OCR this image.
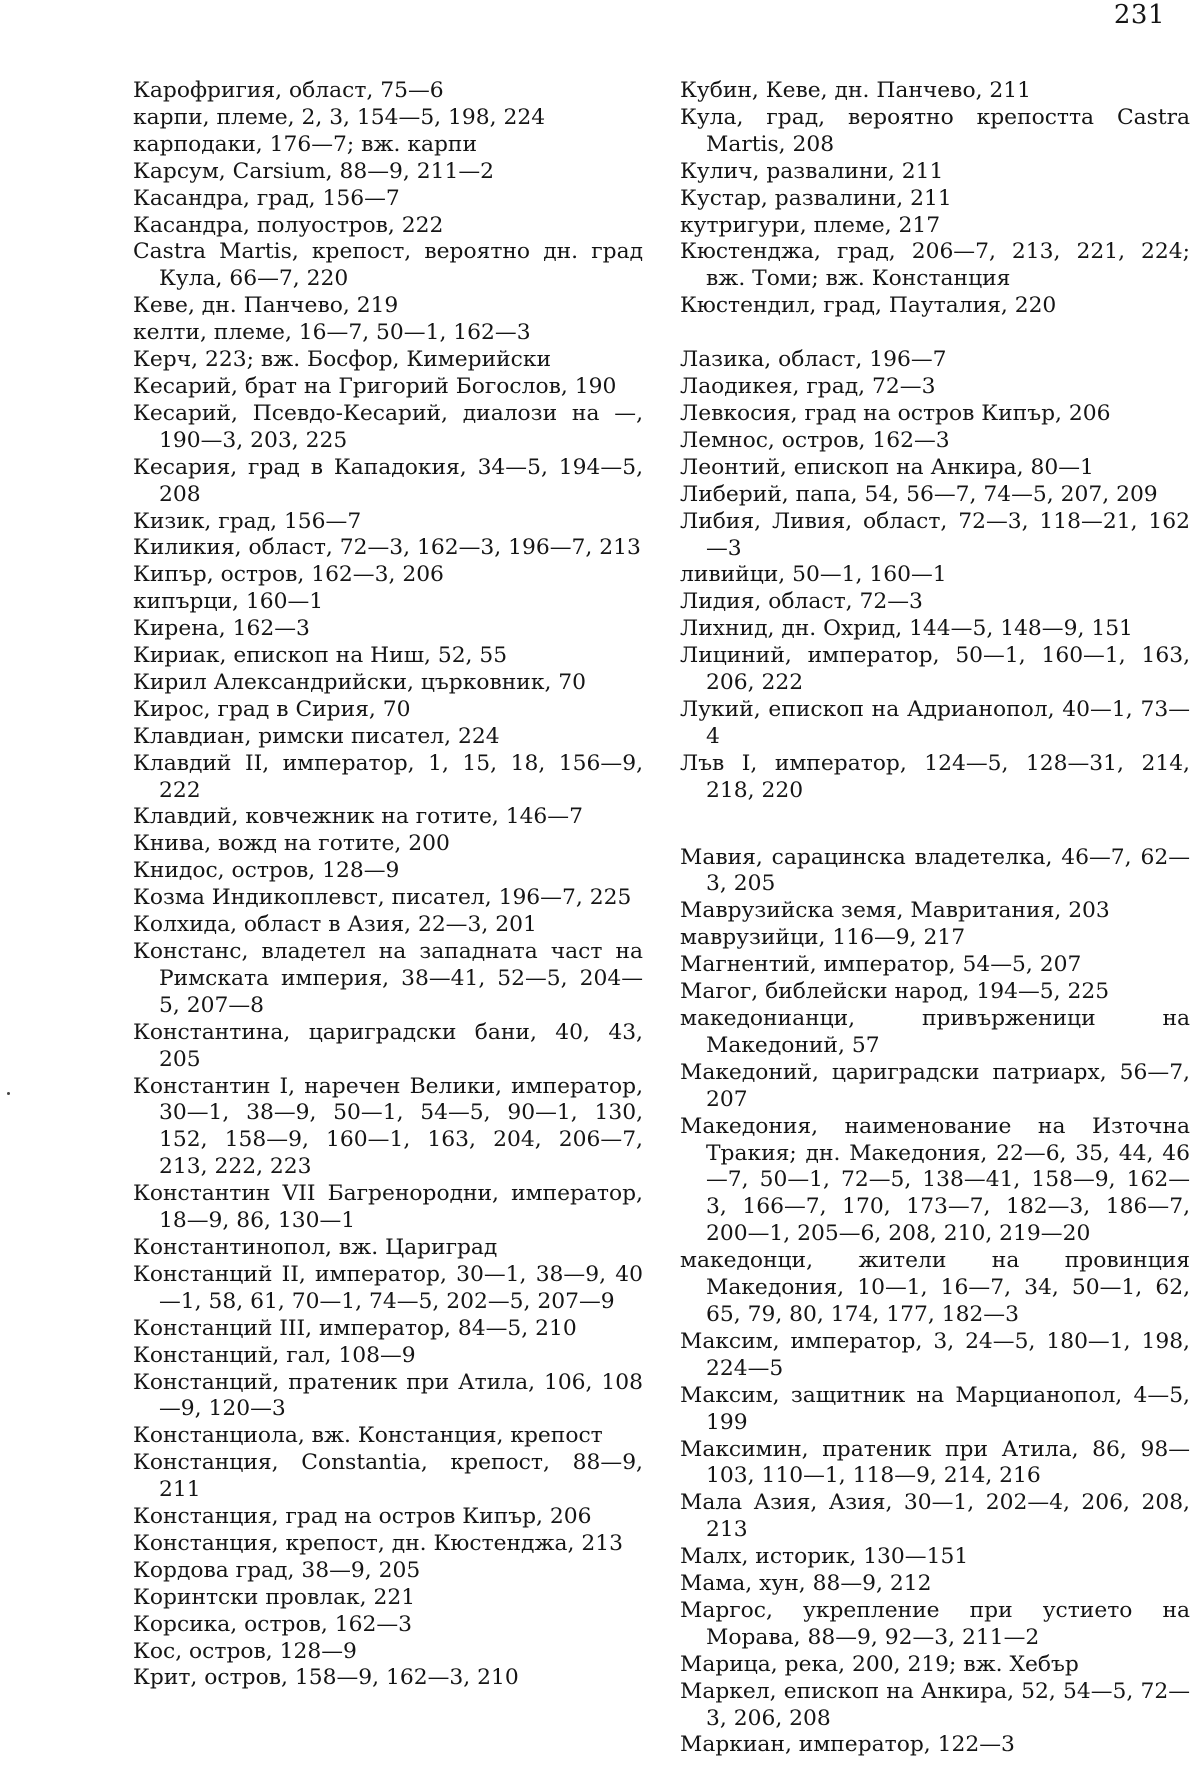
231
Карофригия, област, 75—6
карпи, племе, 2, 3, 154—5, 198, 224
карподаки, 176—7; вж. карпи
Карсум, Carsium, 88—9, 211—2
Касандра, град, 156—7
Касандра, полуостров, 222
Castra Martis, крепост, вероятно дн. град Кула, 66—7, 220
Кеве, дн. Панчево, 219
келти, племе, 16—7, 50—1, 162—3
Керч, 223; вж. Босфор, Кимерийски
Кесарий, брат на Григорий Богослов, 190
Кесарий, Псевдо-Кесарий, диалози на —, 190—3, 203, 225
Кесария, град в Кападокия, 34—5, 194—5, 208
Кизик, град, 156—7
Киликия, област, 72—3, 162—3, 196—7, 213
Кипър, остров, 162—3, 206
кипърци, 160—1
Кирена, 162—3
Кириак, епископ на Ниш, 52, 55
Кирил Александрийски, църковник, 70
Кирос, град в Сирия, 70
Клавдиан, римски писател, 224
Клавдий II, император, 1, 15, 18, 156—9, 222
Клавдий, ковчежник на готите, 146—7
Книва, вожд на готите, 200
Книдос, остров, 128—9
Козма Индикоплевст, писател, 196—7, 225
Колхида, област в Азия, 22—3, 201
Констанс, владетел на западната част на Римската империя, 38—41, 52—5, 204—5, 207—8
Константина, цариградски бани, 40, 43, 205
Константин I, наречен Велики, император, 30—1, 38—9, 50—1, 54—5, 90—1, 130, 152, 158—9, 160—1, 163, 204, 206—7, 213, 222, 223
Константин VII Багренородни, император, 18—9, 86, 130—1
Константинопол, вж. Цариград
Констанций II, император, 30—1, 38—9, 40—1, 58, 61, 70—1, 74—5, 202—5, 207—9
Констанций III, император, 84—5, 210
Констанций, гал, 108—9
Констанций, пратеник при Атила, 106, 108—9, 120—3
Констанциола, вж. Констанция, крепост
Констанция, Constantia, крепост, 88—9, 211
Констанция, град на остров Кипър, 206
Констанция, крепост, дн. Кюстенджа, 213
Кордова град, 38—9, 205
Коринтски провлак, 221
Корсика, остров, 162—3
Кос, остров, 128—9
Крит, остров, 158—9, 162—3, 210
Кубин, Кеве, дн. Панчево, 211
Кула, град, вероятно крепостта Castra Martis, 208
Кулич, развалини, 211
Кустар, развалини, 211
кутригури, племе, 217
Кюстенджа, град, 206—7, 213, 221, 224; вж. Томи; вж. Констанция
Кюстендил, град, Пауталия, 220
Лазика, област, 196—7
Лаодикея, град, 72—3
Левкосия, град на остров Кипър, 206
Лемнос, остров, 162—3
Леонтий, епископ на Анкира, 80—1
Либерий, папа, 54, 56—7, 74—5, 207, 209
Либия, Ливия, област, 72—3, 118—21, 162—3
ливийци, 50—1, 160—1
Лидия, област, 72—3
Лихнид, дн. Охрид, 144—5, 148—9, 151
Лициний, император, 50—1, 160—1, 163, 206, 222
Лукий, епископ на Адрианопол, 40—1, 73—4
Лъв I, император, 124—5, 128—31, 214, 218, 220
Мавия, сарацинска владетелка, 46—7, 62—3, 205
Маврузийска земя, Мавритания, 203
маврузийци, 116—9, 217
Магнентий, император, 54—5, 207
Магог, библейски народ, 194—5, 225
македонианци, привърженици на Македоний, 57
Македоний, цариградски патриарх, 56—7, 207
Македония, наименование на Източна Тракия; дн. Македония, 22—6, 35, 44, 46—7, 50—1, 72—5, 138—41, 158—9, 162—3, 166—7, 170, 173—7, 182—3, 186—7, 200—1, 205—6, 208, 210, 219—20
македонци, жители на провинция Македония, 10—1, 16—7, 34, 50—1, 62, 65, 79, 80, 174, 177, 182—3
Максим, император, 3, 24—5, 180—1, 198, 224—5
Максим, защитник на Марцианопол, 4—5, 199
Максимин, пратеник при Атила, 86, 98—103, 110—1, 118—9, 214, 216
Мала Азия, Азия, 30—1, 202—4, 206, 208, 213
Малх, историк, 130—151
Мама, хун, 88—9, 212
Маргос, укрепление при устието на Морава, 88—9, 92—3, 211—2
Марица, река, 200, 219; вж. Хебър
Маркел, епископ на Анкира, 52, 54—5, 72—3, 206, 208
Маркиан, император, 122—3
